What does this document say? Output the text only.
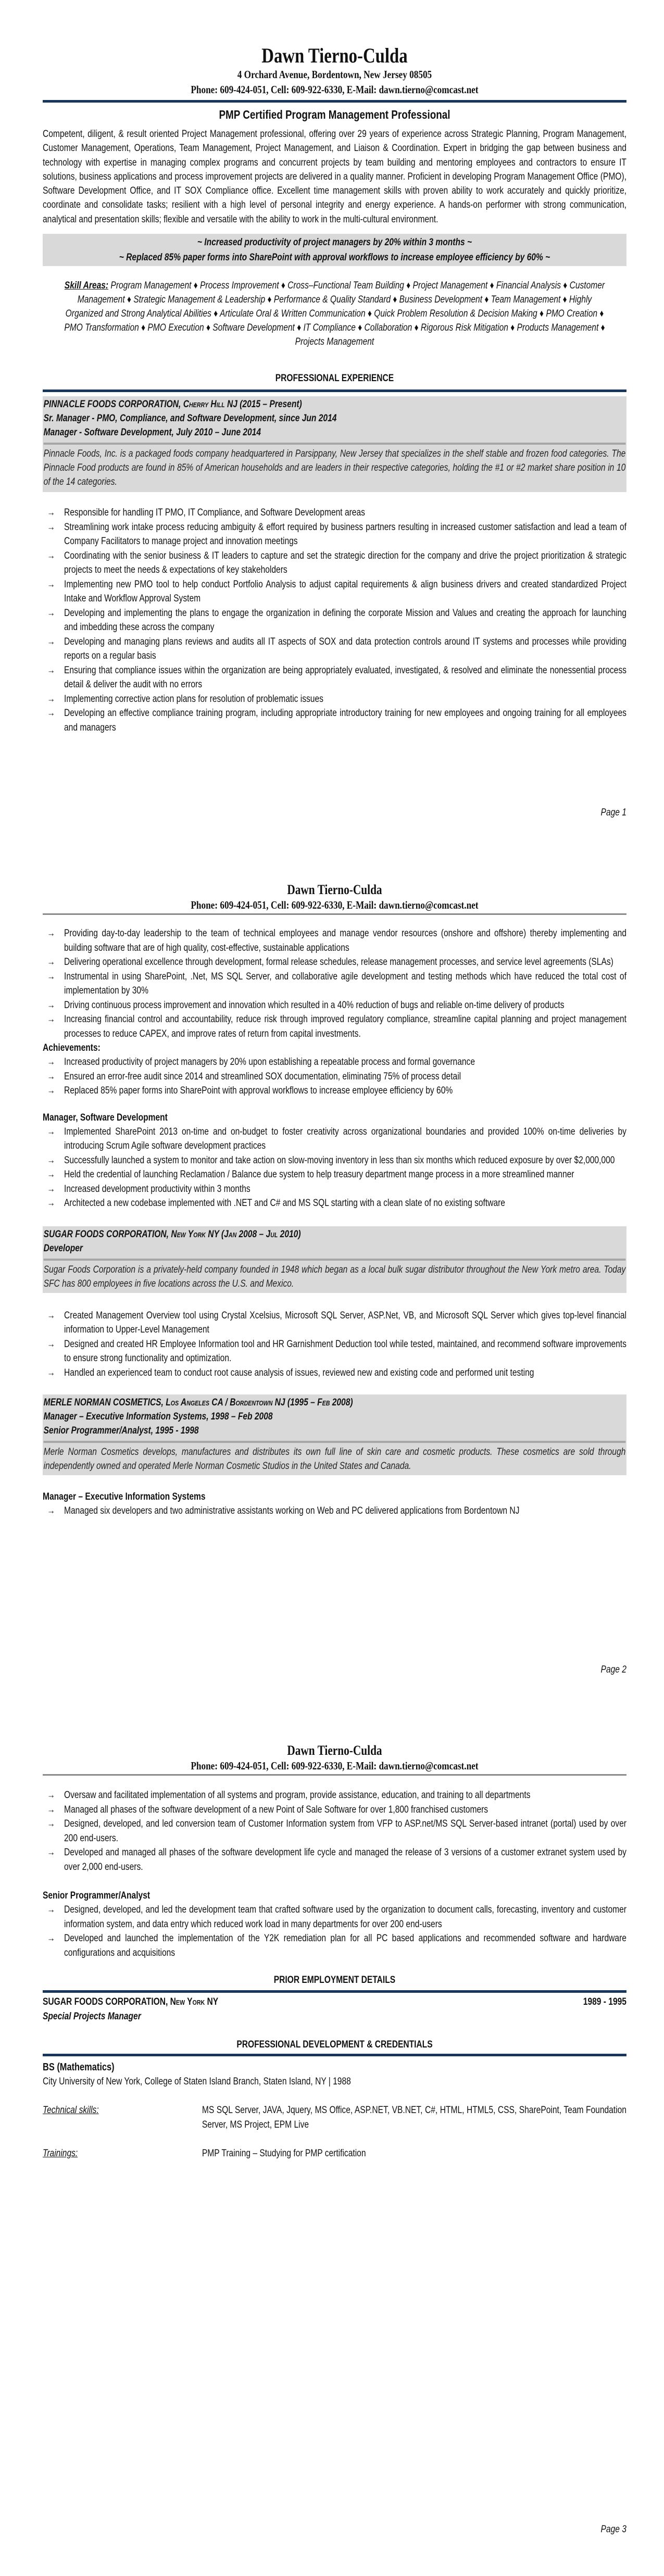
Dawn Tierno-Culda
4 Orchard Avenue, Bordentown, New Jersey 08505
Phone: 609-424-051, Cell: 609-922-6330, E-Mail: dawn.tierno@comcast.net
PMP Certified Program Management Professional
Competent, diligent, & result oriented Project Management professional, offering over 29 years of experience across Strategic Planning, Program Management, Customer Management, Operations, Team Management, Project Management, and Liaison & Coordination. Expert in bridging the gap between business and technology with expertise in managing complex programs and concurrent projects by team building and mentoring employees and contractors to ensure IT solutions, business applications and process improvement projects are delivered in a quality manner. Proficient in developing Program Management Office (PMO), Software Development Office, and IT SOX Compliance office. Excellent time management skills with proven ability to work accurately and quickly prioritize, coordinate and consolidate tasks; resilient with a high level of personal integrity and energy experience. A hands-on performer with strong communication, analytical and presentation skills; flexible and versatile with the ability to work in the multi-cultural environment.
~ Increased productivity of project managers by 20% within 3 months ~
~ Replaced 85% paper forms into SharePoint with approval workflows to increase employee efficiency by 60% ~
Skill Areas: Program Management ♦ Process Improvement ♦ Cross–Functional Team Building ♦ Project Management ♦ Financial Analysis ♦ Customer Management ♦ Strategic Management & Leadership ♦ Performance & Quality Standard ♦ Business Development ♦ Team Management ♦ Highly Organized and Strong Analytical Abilities ♦ Articulate Oral & Written Communication ♦ Quick Problem Resolution & Decision Making ♦ PMO Creation ♦ PMO Transformation ♦ PMO Execution ♦ Software Development ♦ IT Compliance ♦ Collaboration ♦ Rigorous Risk Mitigation ♦ Products Management ♦ Projects Management
PROFESSIONAL EXPERIENCE
PINNACLE FOODS CORPORATION, Cherry Hill NJ (2015 – Present)
Sr. Manager - PMO, Compliance, and Software Development, since Jun 2014
Manager - Software Development, July 2010 – June 2014
Pinnacle Foods, Inc. is a packaged foods company headquartered in Parsippany, New Jersey that specializes in the shelf stable and frozen food categories. The Pinnacle Food products are found in 85% of American households and are leaders in their respective categories, holding the #1 or #2 market share position in 10 of the 14 categories.
→ Responsible for handling IT PMO, IT Compliance, and Software Development areas
→ Streamlining work intake process reducing ambiguity & effort required by business partners resulting in increased customer satisfaction and lead a team of Company Facilitators to manage project and innovation meetings
→ Coordinating with the senior business & IT leaders to capture and set the strategic direction for the company and drive the project prioritization & strategic projects to meet the needs & expectations of key stakeholders
→ Implementing new PMO tool to help conduct Portfolio Analysis to adjust capital requirements & align business drivers and created standardized Project Intake and Workflow Approval System
→ Developing and implementing the plans to engage the organization in defining the corporate Mission and Values and creating the approach for launching and imbedding these across the company
→ Developing and managing plans reviews and audits all IT aspects of SOX and data protection controls around IT systems and processes while providing reports on a regular basis
→ Ensuring that compliance issues within the organization are being appropriately evaluated, investigated, & resolved and eliminate the nonessential process detail & deliver the audit with no errors
→ Implementing corrective action plans for resolution of problematic issues
→ Developing an effective compliance training program, including appropriate introductory training for new employees and ongoing training for all employees and managers
Page 1
Dawn Tierno-Culda
Phone: 609-424-051, Cell: 609-922-6330, E-Mail: dawn.tierno@comcast.net
→ Providing day-to-day leadership to the team of technical employees and manage vendor resources (onshore and offshore) thereby implementing and building software that are of high quality, cost-effective, sustainable applications
→ Delivering operational excellence through development, formal release schedules, release management processes, and service level agreements (SLAs)
→ Instrumental in using SharePoint, .Net, MS SQL Server, and collaborative agile development and testing methods which have reduced the total cost of implementation by 30%
→ Driving continuous process improvement and innovation which resulted in a 40% reduction of bugs and reliable on-time delivery of products
→ Increasing financial control and accountability, reduce risk through improved regulatory compliance, streamline capital planning and project management processes to reduce CAPEX, and improve rates of return from capital investments.
Achievements:
→ Increased productivity of project managers by 20% upon establishing a repeatable process and formal governance
→ Ensured an error-free audit since 2014 and streamlined SOX documentation, eliminating 75% of process detail
→ Replaced 85% paper forms into SharePoint with approval workflows to increase employee efficiency by 60%
Manager, Software Development
→ Implemented SharePoint 2013 on-time and on-budget to foster creativity across organizational boundaries and provided 100% on-time deliveries by introducing Scrum Agile software development practices
→ Successfully launched a system to monitor and take action on slow-moving inventory in less than six months which reduced exposure by over $2,000,000
→ Held the credential of launching Reclamation / Balance due system to help treasury department mange process in a more streamlined manner
→ Increased development productivity within 3 months
→ Architected a new codebase implemented with .NET and C# and MS SQL starting with a clean slate of no existing software
SUGAR FOODS CORPORATION, New York NY (Jan 2008 – Jul 2010)
Developer
Sugar Foods Corporation is a privately-held company founded in 1948 which began as a local bulk sugar distributor throughout the New York metro area. Today SFC has 800 employees in five locations across the U.S. and Mexico.
→ Created Management Overview tool using Crystal Xcelsius, Microsoft SQL Server, ASP.Net, VB, and Microsoft SQL Server which gives top-level financial information to Upper-Level Management
→ Designed and created HR Employee Information tool and HR Garnishment Deduction tool while tested, maintained, and recommend software improvements to ensure strong functionality and optimization.
→ Handled an experienced team to conduct root cause analysis of issues, reviewed new and existing code and performed unit testing
MERLE NORMAN COSMETICS, Los Angeles CA / Bordentown NJ (1995 – Feb 2008)
Manager – Executive Information Systems, 1998 – Feb 2008
Senior Programmer/Analyst, 1995 - 1998
Merle Norman Cosmetics develops, manufactures and distributes its own full line of skin care and cosmetic products. These cosmetics are sold through independently owned and operated Merle Norman Cosmetic Studios in the United States and Canada.
Manager – Executive Information Systems
→ Managed six developers and two administrative assistants working on Web and PC delivered applications from Bordentown NJ
Page 2
Dawn Tierno-Culda
Phone: 609-424-051, Cell: 609-922-6330, E-Mail: dawn.tierno@comcast.net
→ Oversaw and facilitated implementation of all systems and program, provide assistance, education, and training to all departments
→ Managed all phases of the software development of a new Point of Sale Software for over 1,800 franchised customers
→ Designed, developed, and led conversion team of Customer Information system from VFP to ASP.net/MS SQL Server-based intranet (portal) used by over 200 end-users.
→ Developed and managed all phases of the software development life cycle and managed the release of 3 versions of a customer extranet system used by over 2,000 end-users.
Senior Programmer/Analyst
→ Designed, developed, and led the development team that crafted software used by the organization to document calls, forecasting, inventory and customer information system, and data entry which reduced work load in many departments for over 200 end-users
→ Developed and launched the implementation of the Y2K remediation plan for all PC based applications and recommended software and hardware configurations and acquisitions
PRIOR EMPLOYMENT DETAILS
SUGAR FOODS CORPORATION, New York NY	1989 - 1995
Special Projects Manager
PROFESSIONAL DEVELOPMENT & CREDENTIALS
BS (Mathematics)
City University of New York, College of Staten Island Branch, Staten Island, NY | 1988
Technical skills:	MS SQL Server, JAVA, Jquery, MS Office, ASP.NET, VB.NET, C#, HTML, HTML5, CSS, SharePoint, Team Foundation Server, MS Project, EPM Live
Trainings:	PMP Training – Studying for PMP certification
Page 3
